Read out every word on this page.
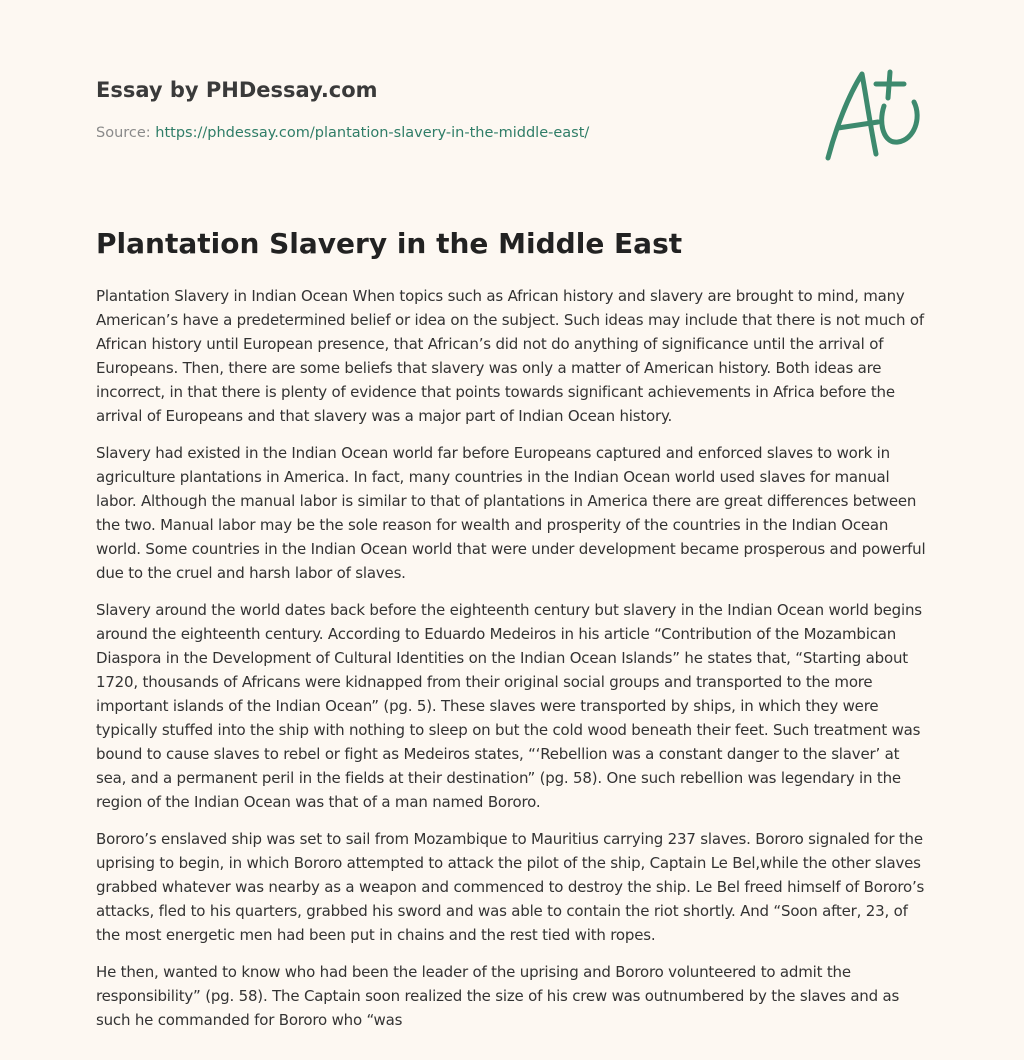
Essay by PHDessay.com
Source: https://phdessay.com/plantation-slavery-in-the-middle-east/
Plantation Slavery in the Middle East

Plantation Slavery in Indian Ocean When topics such as African history and slavery are brought to mind, many American’s have a predetermined belief or idea on the subject. Such ideas may include that there is not much of African history until European presence, that African’s did not do anything of significance until the arrival of Europeans. Then, there are some beliefs that slavery was only a matter of American history. Both ideas are incorrect, in that there is plenty of evidence that points towards significant achievements in Africa before the arrival of Europeans and that slavery was a major part of Indian Ocean history.

Slavery had existed in the Indian Ocean world far before Europeans captured and enforced slaves to work in agriculture plantations in America. In fact, many countries in the Indian Ocean world used slaves for manual labor. Although the manual labor is similar to that of plantations in America there are great differences between the two. Manual labor may be the sole reason for wealth and prosperity of the countries in the Indian Ocean world. Some countries in the Indian Ocean world that were under development became prosperous and powerful due to the cruel and harsh labor of slaves.

Slavery around the world dates back before the eighteenth century but slavery in the Indian Ocean world begins around the eighteenth century. According to Eduardo Medeiros in his article “Contribution of the Mozambican Diaspora in the Development of Cultural Identities on the Indian Ocean Islands” he states that, “Starting about 1720, thousands of Africans were kidnapped from their original social groups and transported to the more important islands of the Indian Ocean” (pg. 5). These slaves were transported by ships, in which they were typically stuffed into the ship with nothing to sleep on but the cold wood beneath their feet. Such treatment was bound to cause slaves to rebel or fight as Medeiros states, “‘Rebellion was a constant danger to the slaver’ at sea, and a permanent peril in the fields at their destination” (pg. 58). One such rebellion was legendary in the region of the Indian Ocean was that of a man named Bororo.

Bororo’s enslaved ship was set to sail from Mozambique to Mauritius carrying 237 slaves. Bororo signaled for the uprising to begin, in which Bororo attempted to attack the pilot of the ship, Captain Le Bel,while the other slaves grabbed whatever was nearby as a weapon and commenced to destroy the ship. Le Bel freed himself of Bororo’s attacks, fled to his quarters, grabbed his sword and was able to contain the riot shortly. And “Soon after, 23, of the most energetic men had been put in chains and the rest tied with ropes.

He then, wanted to know who had been the leader of the uprising and Bororo volunteered to admit the responsibility” (pg. 58). The Captain soon realized the size of his crew was outnumbered by the slaves and as such he commanded for Bororo who “was
